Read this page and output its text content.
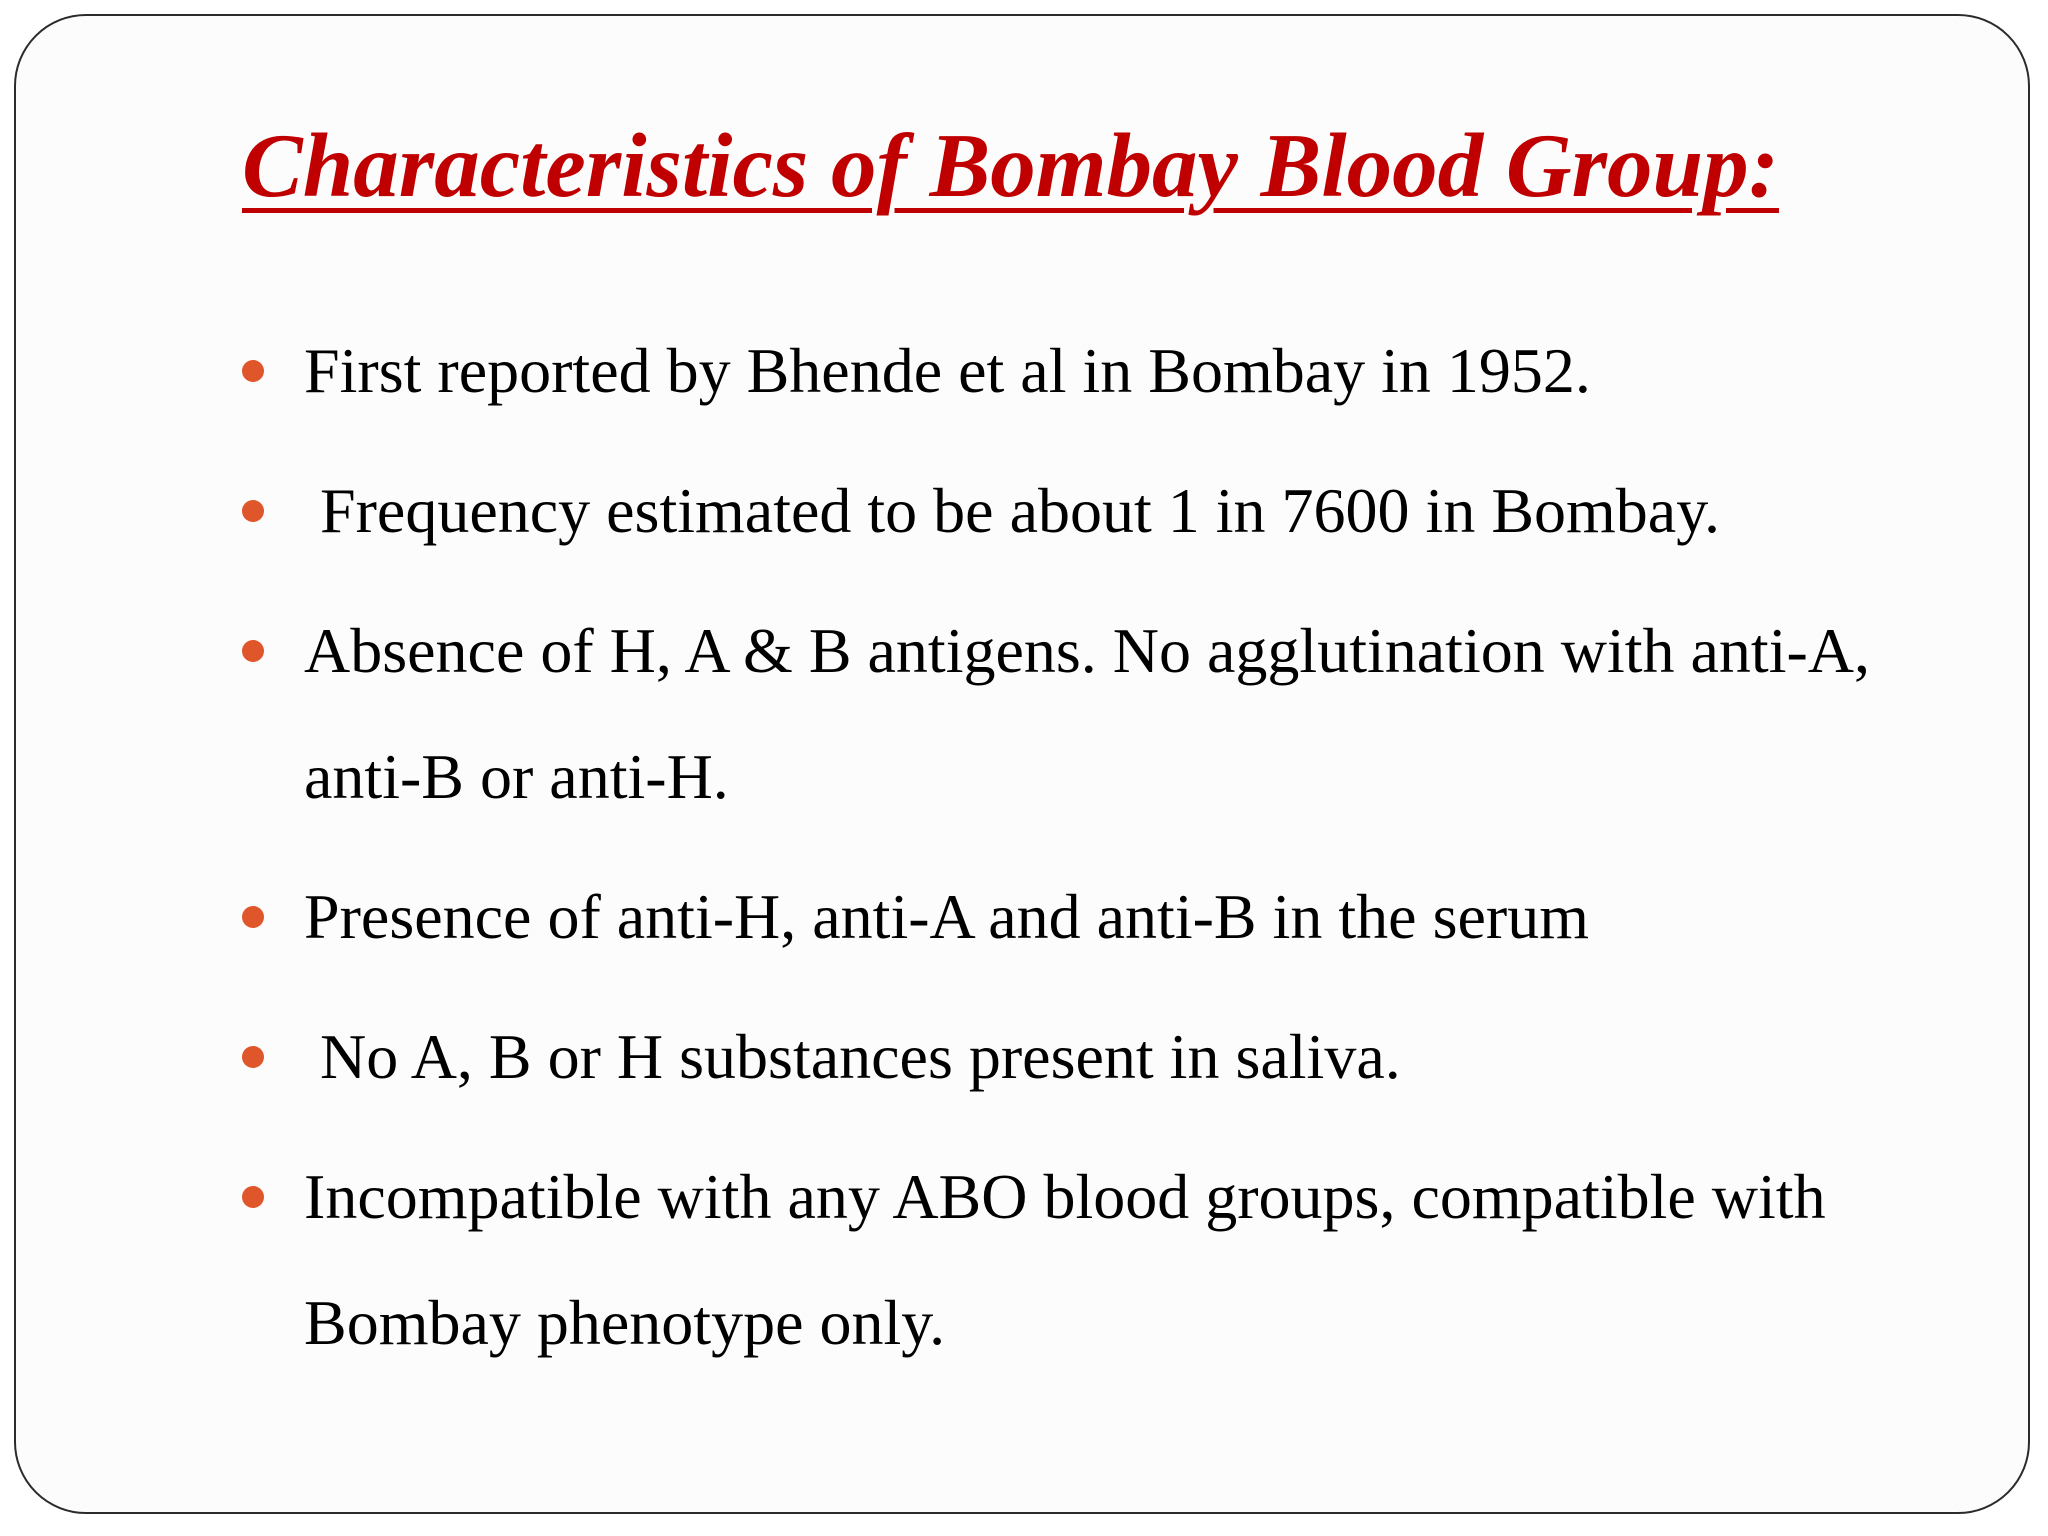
Characteristics of Bombay Blood Group:
First reported by Bhende et al in Bombay in 1952.
Frequency estimated to be about 1 in 7600 in Bombay.
Absence of H, A & B antigens. No agglutination with anti-A, anti-B or anti-H.
Presence of anti-H, anti-A and anti-B in the serum
No A, B or H substances present in saliva.
Incompatible with any ABO blood groups, compatible with Bombay phenotype only.
